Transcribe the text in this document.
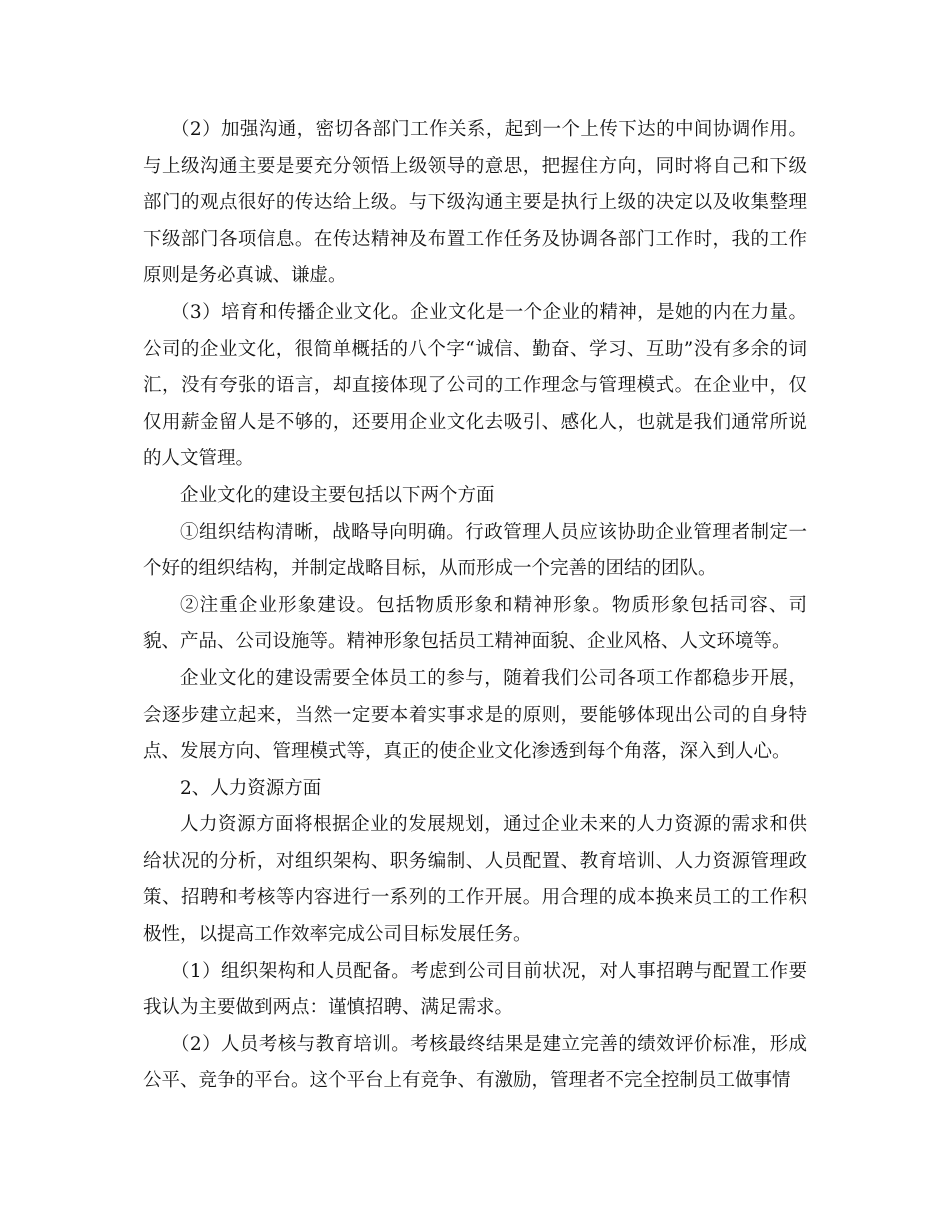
（2）加强沟通，密切各部门工作关系，起到一个上传下达的中间协调作用。与上级沟通主要是要充分领悟上级领导的意思，把握住方向，同时将自己和下级部门的观点很好的传达给上级。与下级沟通主要是执行上级的决定以及收集整理下级部门各项信息。在传达精神及布置工作任务及协调各部门工作时，我的工作原则是务必真诚、谦虚。

（3）培育和传播企业文化。企业文化是一个企业的精神，是她的内在力量。公司的企业文化，很简单概括的八个字“诚信、勤奋、学习、互助”没有多余的词汇，没有夸张的语言，却直接体现了公司的工作理念与管理模式。在企业中，仅仅用薪金留人是不够的，还要用企业文化去吸引、感化人，也就是我们通常所说的人文管理。

企业文化的建设主要包括以下两个方面

①组织结构清晰，战略导向明确。行政管理人员应该协助企业管理者制定一个好的组织结构，并制定战略目标，从而形成一个完善的团结的团队。

②注重企业形象建设。包括物质形象和精神形象。物质形象包括司容、司貌、产品、公司设施等。精神形象包括员工精神面貌、企业风格、人文环境等。

企业文化的建设需要全体员工的参与，随着我们公司各项工作都稳步开展，会逐步建立起来，当然一定要本着实事求是的原则，要能够体现出公司的自身特点、发展方向、管理模式等，真正的使企业文化渗透到每个角落，深入到人心。

2、人力资源方面

人力资源方面将根据企业的发展规划，通过企业未来的人力资源的需求和供给状况的分析，对组织架构、职务编制、人员配置、教育培训、人力资源管理政策、招聘和考核等内容进行一系列的工作开展。用合理的成本换来员工的工作积极性，以提高工作效率完成公司目标发展任务。

（1）组织架构和人员配备。考虑到公司目前状况，对人事招聘与配置工作要我认为主要做到两点：谨慎招聘、满足需求。

（2）人员考核与教育培训。考核最终结果是建立完善的绩效评价标准，形成公平、竞争的平台。这个平台上有竞争、有激励，管理者不完全控制员工做事情
